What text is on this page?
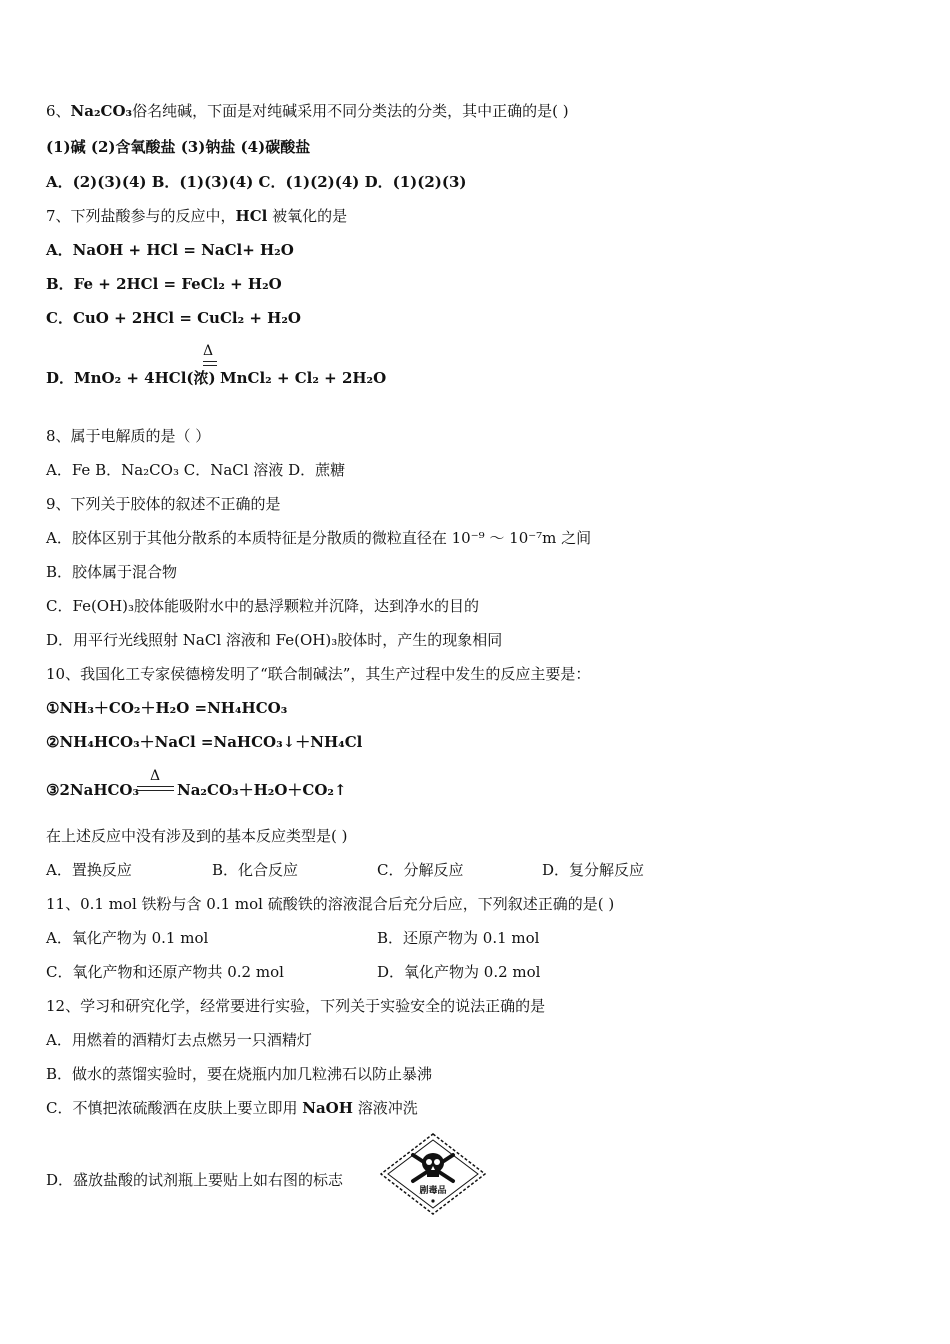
6、Na₂CO₃俗名纯碱，下面是对纯碱采用不同分类法的分类，其中正确的是( )
(1)碱 (2)含氧酸盐 (3)钠盐 (4)碳酸盐
A．(2)(3)(4) B．(1)(3)(4) C．(1)(2)(4) D．(1)(2)(3)
7、下列盐酸参与的反应中，HCl 被氧化的是
A．NaOH + HCl = NaCl+ H₂O
B．Fe + 2HCl = FeCl₂ + H₂O
C．CuO + 2HCl = CuCl₂ + H₂O
D．MnO₂ + 4HCl(浓)
Δ
MnCl₂ + Cl₂ + 2H₂O
8、属于电解质的是（ ）
A．Fe B．Na₂CO₃ C．NaCl 溶液 D．蔗糖
9、下列关于胶体的叙述不正确的是
A．胶体区别于其他分散系的本质特征是分散质的微粒直径在 10⁻⁹ ～ 10⁻⁷m 之间
B．胶体属于混合物
C．Fe(OH)₃胶体能吸附水中的悬浮颗粒并沉降，达到净水的目的
D．用平行光线照射 NaCl 溶液和 Fe(OH)₃胶体时，产生的现象相同
10、我国化工专家侯德榜发明了“联合制碱法”，其生产过程中发生的反应主要是：
①NH₃＋CO₂＋H₂O =NH₄HCO₃
②NH₄HCO₃＋NaCl =NaHCO₃↓＋NH₄Cl
③2NaHCO₃
Δ
Na₂CO₃＋H₂O＋CO₂↑
在上述反应中没有涉及到的基本反应类型是( )
A．置换反应	B．化合反应	C．分解反应	D．复分解反应
11、0.1 mol 铁粉与含 0.1 mol 硫酸铁的溶液混合后充分后应，下列叙述正确的是( )
A．氧化产物为 0.1 mol	B．还原产物为 0.1 mol
C．氧化产物和还原产物共 0.2 mol	D．氧化产物为 0.2 mol
12、学习和研究化学，经常要进行实验，下列关于实验安全的说法正确的是
A．用燃着的酒精灯去点燃另一只酒精灯
B．做水的蒸馏实验时，要在烧瓶内加几粒沸石以防止暴沸
C．不慎把浓硫酸洒在皮肤上要立即用 NaOH 溶液冲洗
D．盛放盐酸的试剂瓶上要贴上如右图的标志
剧毒品
